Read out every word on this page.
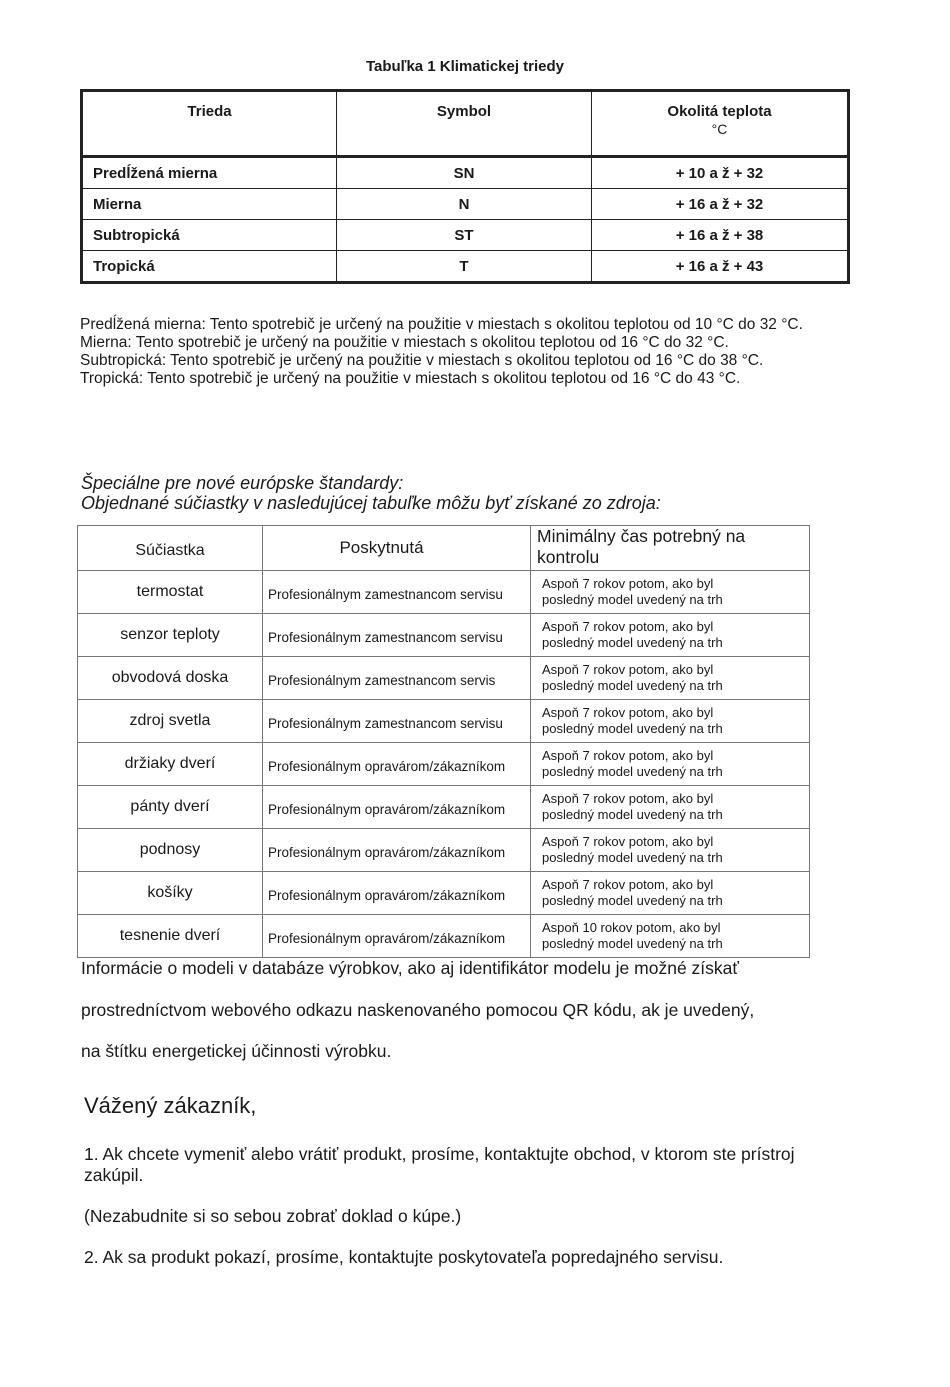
Tabuľka 1 Klimatickej triedy
Trieda	Symbol	Okolitá teplota
°C

Predĺžená mierna	SN	+ 10 a ž + 32
Mierna	N	+ 16 a ž + 32
Subtropická	ST	+ 16 a ž + 38
Tropická	T	+ 16 a ž + 43
Predĺžená mierna: Tento spotrebič je určený na použitie v miestach s okolitou teplotou od 10 °C do 32 °C.
Mierna: Tento spotrebič je určený na použitie v miestach s okolitou teplotou od 16 °C do 32 °C.
Subtropická: Tento spotrebič je určený na použitie v miestach s okolitou teplotou od 16 °C do 38 °C.
Tropická: Tento spotrebič je určený na použitie v miestach s okolitou teplotou od 16 °C do 43 °C.
Špeciálne pre nové európske štandardy:
Objednané súčiastky v nasledujúcej tabuľke môžu byť získané zo zdroja:
Súčiastka	Poskytnutá	Minimálny čas potrebný na kontrolu
termostat	Profesionálnym zamestnancom servisu	Aspoň 7 rokov potom, ako byl
posledný model uvedený na trh

senzor teploty	Profesionálnym zamestnancom servisu	Aspoň 7 rokov potom, ako byl
posledný model uvedený na trh

obvodová doska	Profesionálnym zamestnancom servis	Aspoň 7 rokov potom, ako byl
posledný model uvedený na trh

zdroj svetla	Profesionálnym zamestnancom servisu	Aspoň 7 rokov potom, ako byl
posledný model uvedený na trh

držiaky dverí	Profesionálnym opravárom/zákazníkom	Aspoň 7 rokov potom, ako byl
posledný model uvedený na trh

pánty dverí	Profesionálnym opravárom/zákazníkom	Aspoň 7 rokov potom, ako byl
posledný model uvedený na trh

podnosy	Profesionálnym opravárom/zákazníkom	Aspoň 7 rokov potom, ako byl
posledný model uvedený na trh

košíky	Profesionálnym opravárom/zákazníkom	Aspoň 7 rokov potom, ako byl
posledný model uvedený na trh

tesnenie dverí	Profesionálnym opravárom/zákazníkom	Aspoň 10 rokov potom, ako byl
posledný model uvedený na trh
Informácie o modeli v databáze výrobkov, ako aj identifikátor modelu je možné získať
prostredníctvom webového odkazu naskenovaného pomocou QR kódu, ak je uvedený,
na štítku energetickej účinnosti výrobku.
Vážený zákazník,
1. Ak chcete vymeniť alebo vrátiť produkt, prosíme, kontaktujte obchod, v ktorom ste prístroj zakúpil.
(Nezabudnite si so sebou zobrať doklad o kúpe.)
2. Ak sa produkt pokazí, prosíme, kontaktujte poskytovateľa popredajného servisu.
